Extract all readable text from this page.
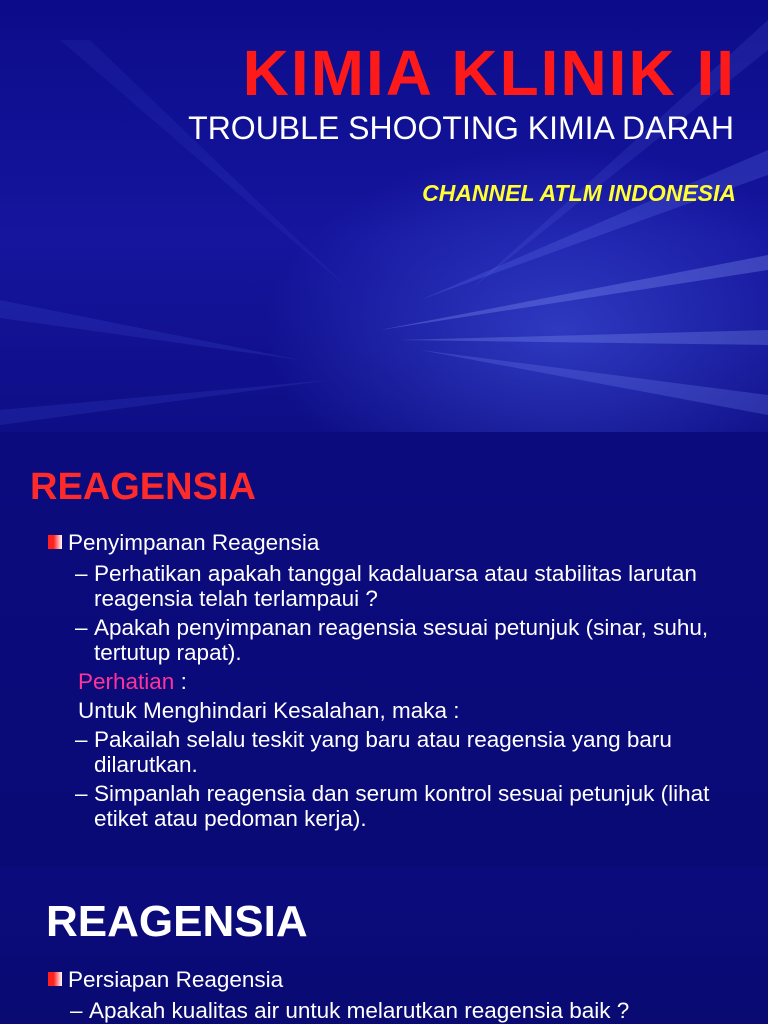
KIMIA KLINIK II
TROUBLE SHOOTING KIMIA DARAH
CHANNEL ATLM INDONESIA
REAGENSIA
Penyimpanan Reagensia
– Perhatikan apakah tanggal kadaluarsa atau stabilitas larutan reagensia telah terlampaui ?
– Apakah penyimpanan reagensia sesuai petunjuk (sinar, suhu, tertutup rapat).
Perhatian :
Untuk Menghindari Kesalahan, maka :
– Pakailah selalu teskit yang baru atau reagensia yang baru dilarutkan.
– Simpanlah reagensia dan serum kontrol sesuai petunjuk (lihat etiket atau pedoman kerja).
REAGENSIA
Persiapan Reagensia
– Apakah kualitas air untuk melarutkan reagensia baik ?
